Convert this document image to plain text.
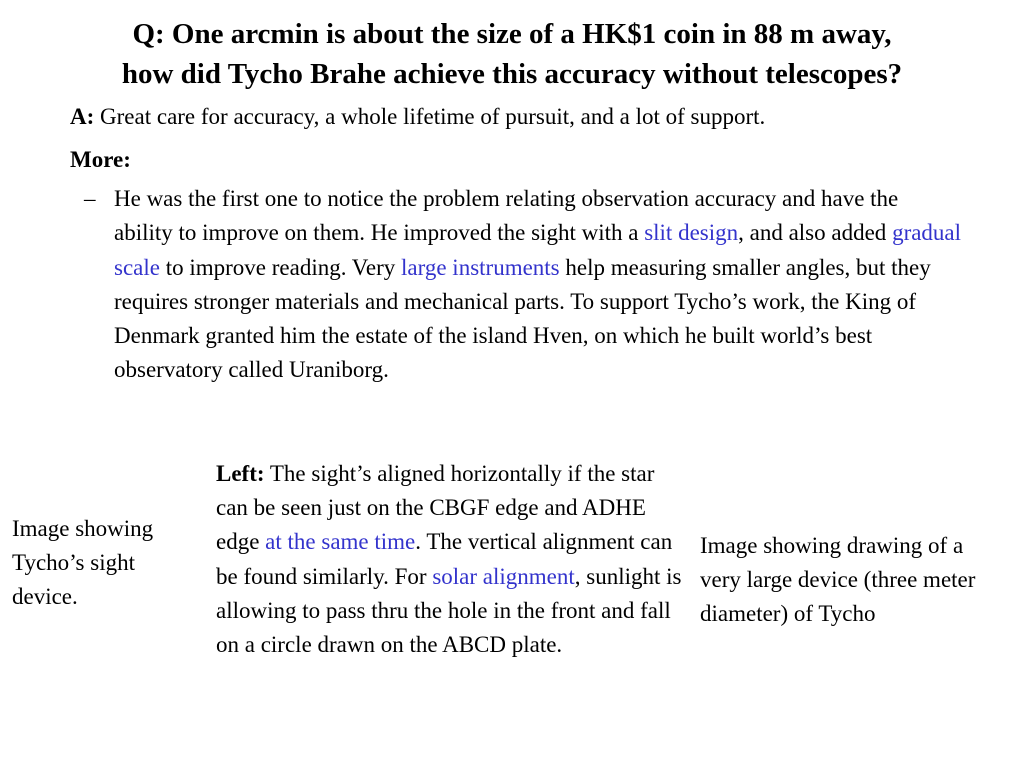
Q: One arcmin is about the size of a HK$1 coin in 88 m away,
how did Tycho Brahe achieve this accuracy without telescopes?

A: Great care for accuracy, a whole lifetime of pursuit, and a lot of support.

More:

– He was the first one to notice the problem relating observation accuracy and have the ability to improve on them. He improved the sight with a slit design, and also added gradual scale to improve reading. Very large instruments help measuring smaller angles, but they requires stronger materials and mechanical parts. To support Tycho’s work, the King of Denmark granted him the estate of the island Hven, on which he built world’s best observatory called Uraniborg.

Image showing Tycho’s sight device.

Left: The sight’s aligned horizontally if the star can be seen just on the CBGF edge and ADHE edge at the same time. The vertical alignment can be found similarly. For solar alignment, sunlight is allowing to pass thru the hole in the front and fall on a circle drawn on the ABCD plate.

Image showing drawing of a very large device (three meter diameter) of Tycho
